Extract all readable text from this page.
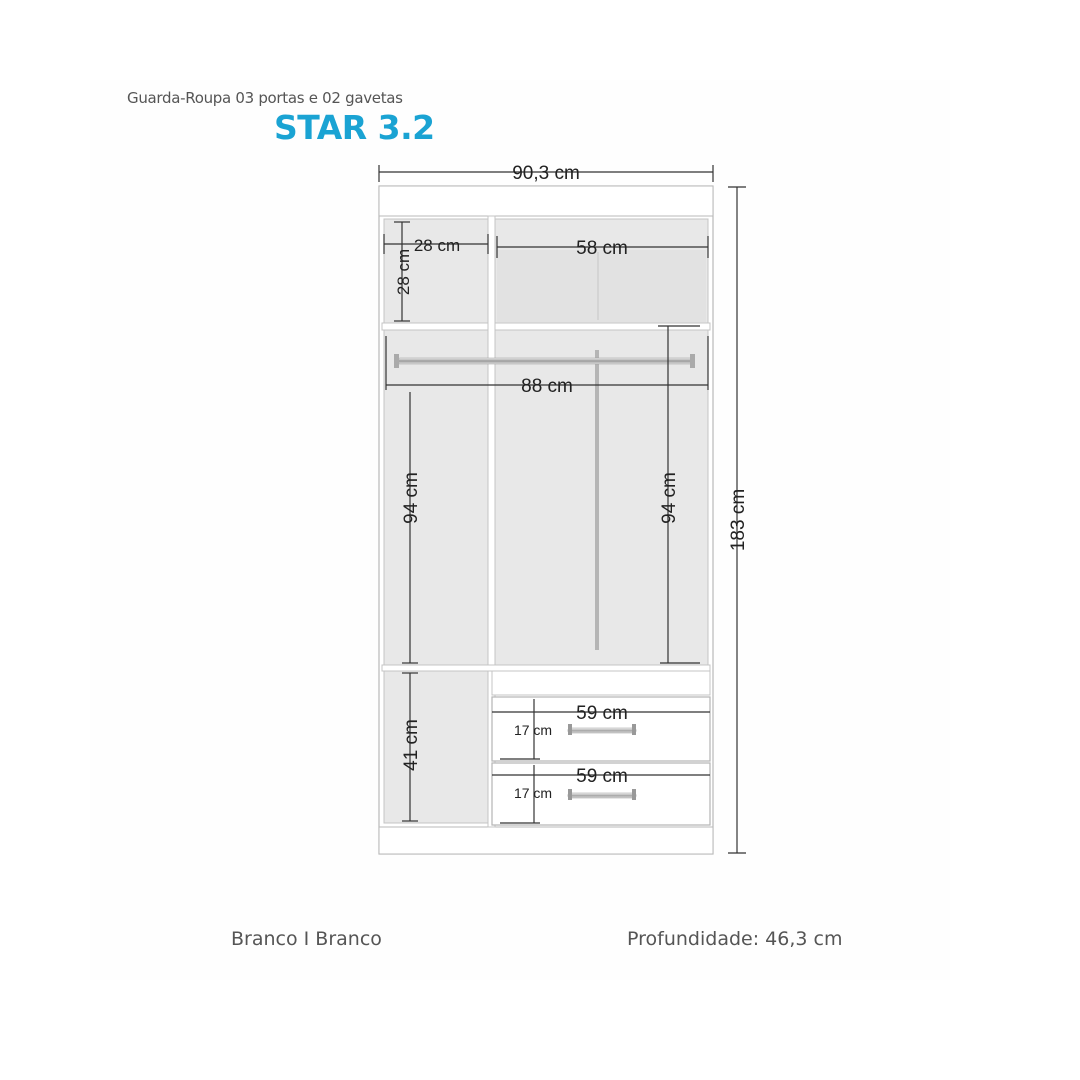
Guarda-Roupa 03 portas e 02 gavetas
STAR 3.2
90,3 cm
183 cm
28 cm
28 cm
58 cm
88 cm
94 cm	94 cm
41 cm
59 cm
17 cm
59 cm
17 cm
Branco I Branco	Profundidade: 46,3 cm
